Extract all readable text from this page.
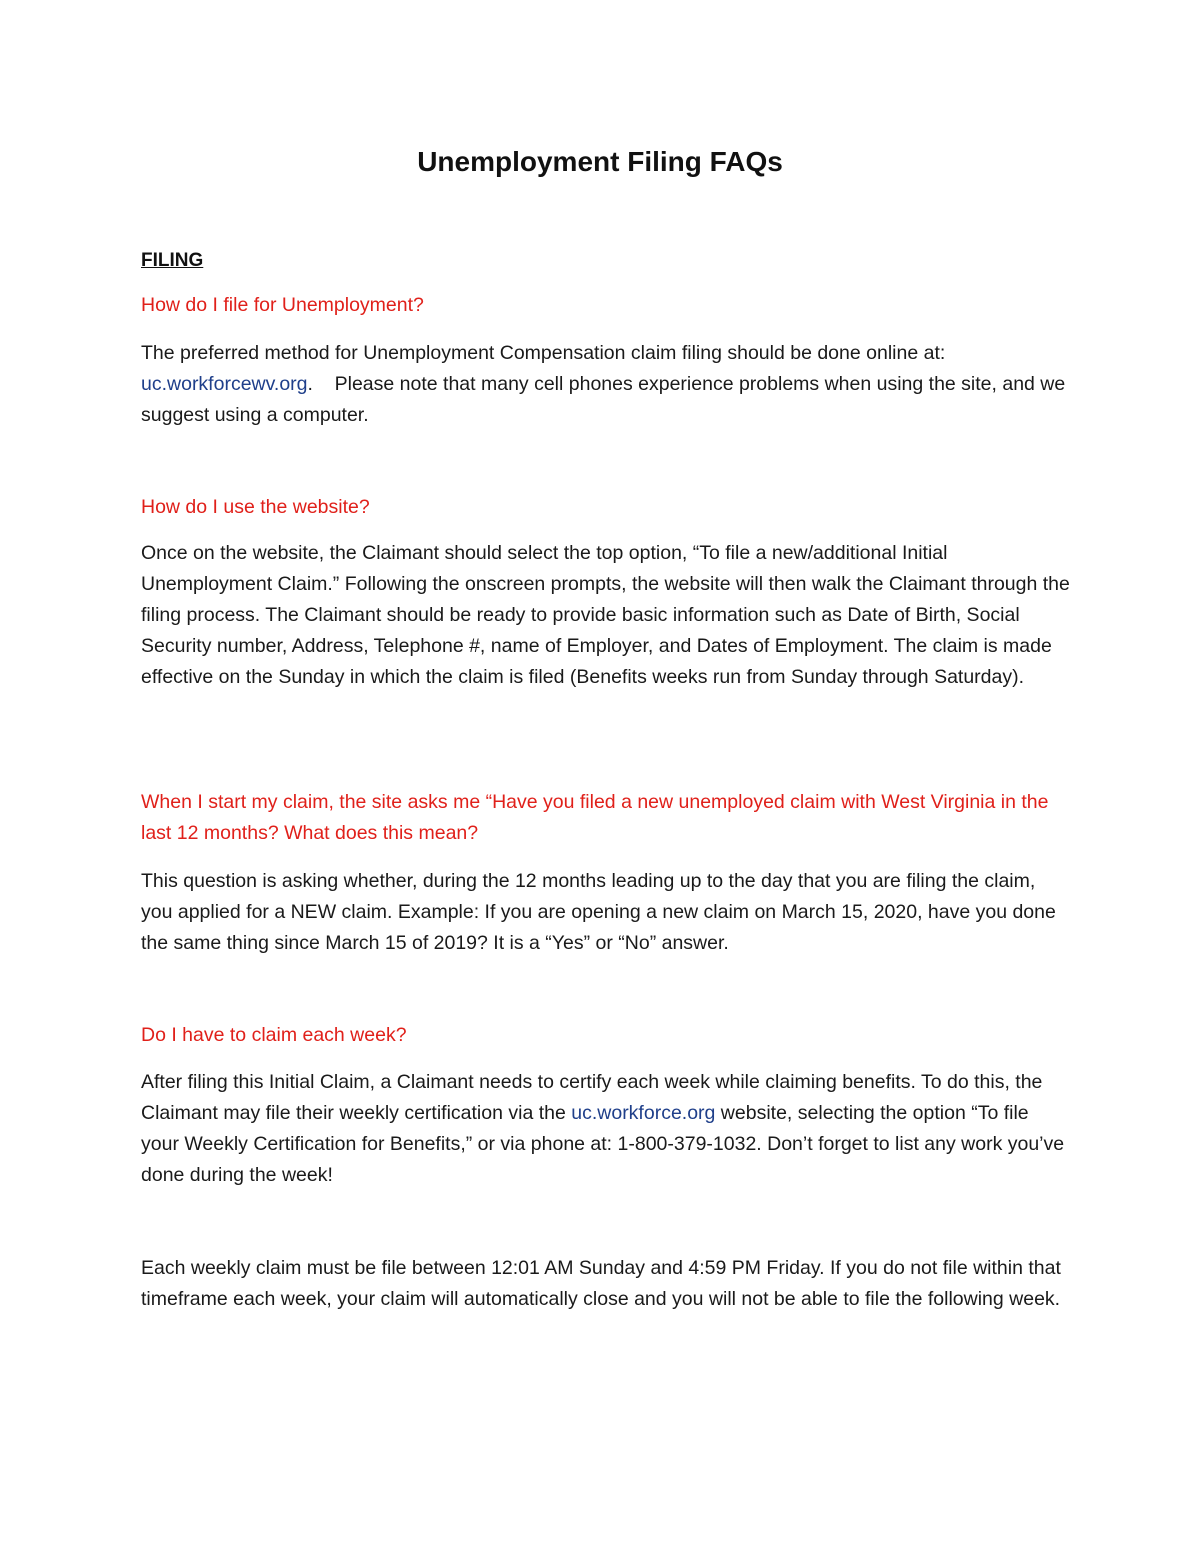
Unemployment Filing FAQs
FILING
How do I file for Unemployment?

The preferred method for Unemployment Compensation claim filing should be done online at: uc.workforcewv.org.    Please note that many cell phones experience problems when using the site, and we suggest using a computer.

How do I use the website?

Once on the website, the Claimant should select the top option, “To file a new/additional Initial Unemployment Claim.” Following the onscreen prompts, the website will then walk the Claimant through the filing process. The Claimant should be ready to provide basic information such as Date of Birth, Social Security number, Address, Telephone #, name of Employer, and Dates of Employment. The claim is made effective on the Sunday in which the claim is filed (Benefits weeks run from Sunday through Saturday).

When I start my claim, the site asks me “Have you filed a new unemployed claim with West Virginia in the last 12 months? What does this mean?

This question is asking whether, during the 12 months leading up to the day that you are filing the claim, you applied for a NEW claim. Example: If you are opening a new claim on March 15, 2020, have you done the same thing since March 15 of 2019? It is a “Yes” or “No” answer.

Do I have to claim each week?

After filing this Initial Claim, a Claimant needs to certify each week while claiming benefits. To do this, the Claimant may file their weekly certification via the uc.workforce.org website, selecting the option “To file your Weekly Certification for Benefits,” or via phone at: 1-800-379-1032. Don’t forget to list any work you’ve done during the week!

Each weekly claim must be file between 12:01 AM Sunday and 4:59 PM Friday. If you do not file within that timeframe each week, your claim will automatically close and you will not be able to file the following week.
